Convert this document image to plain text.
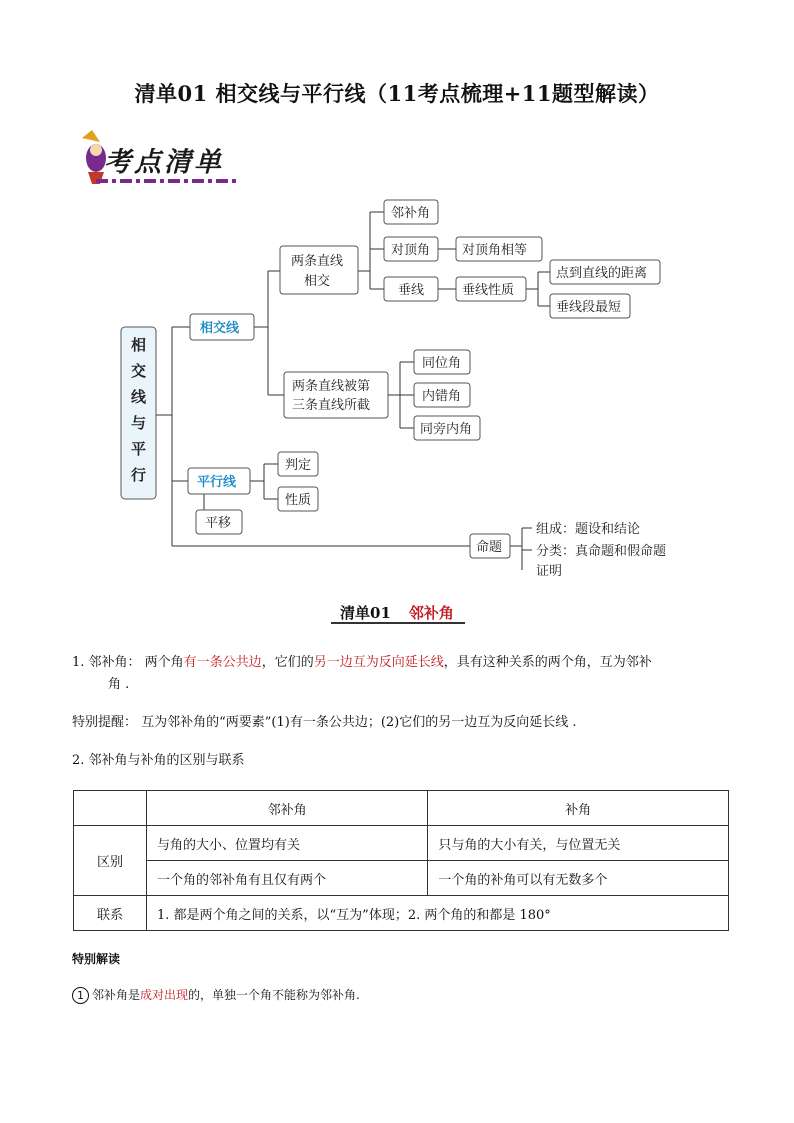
清单01 相交线与平行线（11考点梳理+11题型解读）
考点清单
相
交
线
与
平
行
相交线
平行线
平移
命题
两条直线
相交
两条直线被第
三条直线所截
邻补角
对顶角 对顶角相等
垂线	垂线性质
点到直线的距离
垂线段最短
同位角
内错角
同旁内角
判定
性质
组成：题设和结论
分类：真命题和假命题
证明
清单01 邻补角
1. 邻补角： 两个角有一条公共边，它们的另一边互为反向延长线，具有这种关系的两个角，互为邻补
角 .
特别提醒： 互为邻补角的“两要素”(1)有一条公共边；(2)它们的另一边互为反向延长线 .
2. 邻补角与补角的区别与联系
	邻补角	补角
区别	与角的大小、位置均有关	只与角的大小有关，与位置无关
	一个角的邻补角有且仅有两个	一个角的补角可以有无数多个
联系	1. 都是两个角之间的关系，以“互为”体现；2. 两个角的和都是 180°	
特别解读
1 邻补角是成对出现的，单独一个角不能称为邻补角.
